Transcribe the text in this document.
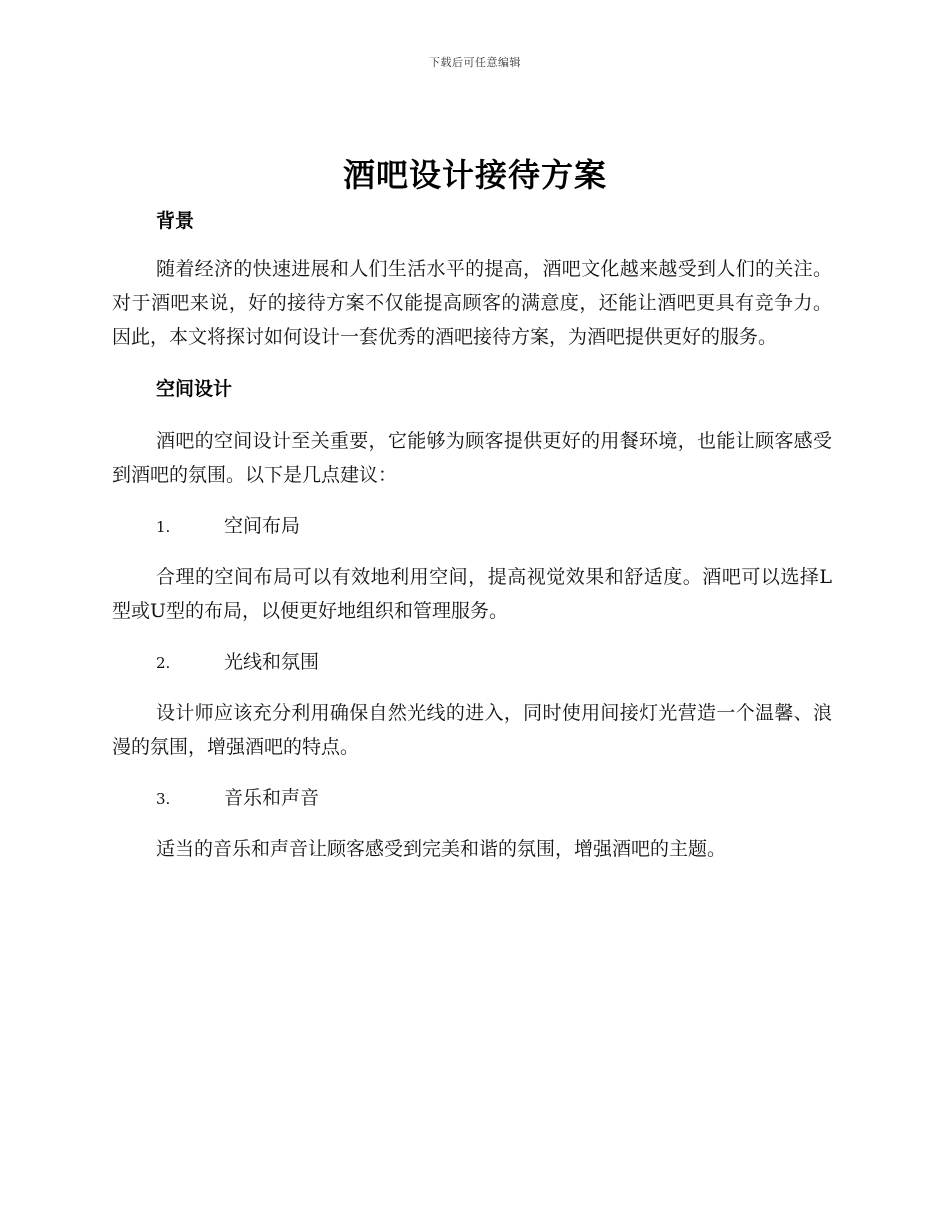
下载后可任意编辑
酒吧设计接待方案
背景

随着经济的快速进展和人们生活水平的提高，酒吧文化越来越受到人们的关注。对于酒吧来说，好的接待方案不仅能提高顾客的满意度，还能让酒吧更具有竞争力。因此，本文将探讨如何设计一套优秀的酒吧接待方案，为酒吧提供更好的服务。

空间设计

酒吧的空间设计至关重要，它能够为顾客提供更好的用餐环境，也能让顾客感受到酒吧的氛围。以下是几点建议：

1.	空间布局

合理的空间布局可以有效地利用空间，提高视觉效果和舒适度。酒吧可以选择L型或U型的布局，以便更好地组织和管理服务。

2.	光线和氛围

设计师应该充分利用确保自然光线的进入，同时使用间接灯光营造一个温馨、浪漫的氛围，增强酒吧的特点。

3.	音乐和声音

适当的音乐和声音让顾客感受到完美和谐的氛围，增强酒吧的主题。
